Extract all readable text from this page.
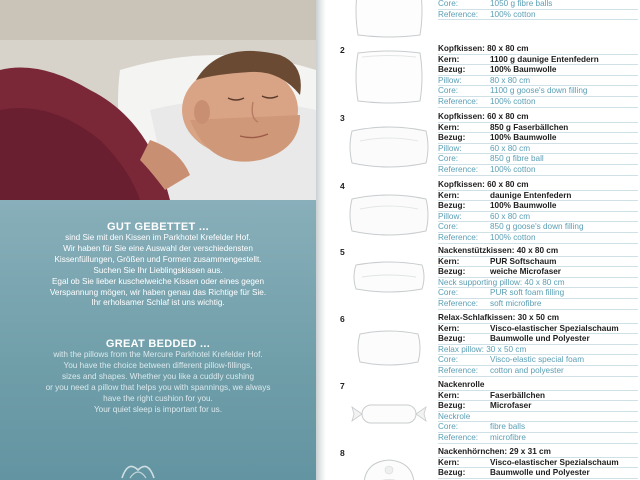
GUT GEBETTET ...
sind Sie mit den Kissen im Parkhotel Krefelder Hof.
Wir haben für Sie eine Auswahl der verschiedensten
Kissenfüllungen, Größen und Formen zusammengestellt.
Suchen Sie Ihr Lieblingskissen aus.
Egal ob Sie lieber kuschelweiche Kissen oder eines gegen
Verspannung mögen, wir haben genau das Richtige für Sie.
Ihr erholsamer Schlaf ist uns wichtig.
GREAT BEDDED ...
with the pillows from the Mercure Parkhotel Krefelder Hof.
You have the choice between different pillow-fillings,
sizes and shapes. Whether you like a cuddly cushing
or you need a pillow that helps you with spannings, we always
have the right cushion for you.
Your quiet sleep is important for us.
Core:	1050 g fibre balls
Reference: 100% cotton
2	Kopfkissen: 80 x 80 cm
Kern:	1100 g daunige Entenfedern
Bezug:	100% Baumwolle
Pillow:	80 x 80 cm
Core:	1100 g goose's down filling
Reference: 100% cotton
3	Kopfkissen: 60 x 80 cm
Kern:	850 g Faserbällchen
Bezug:	100% Baumwolle
Pillow:	60 x 80 cm
Core:	850 g fibre ball
Reference: 100% cotton
4	Kopfkissen: 60 x 80 cm
Kern:	daunige Entenfedern
Bezug:	100% Baumwolle
Pillow:	60 x 80 cm
Core:	850 g goose's down filling
Reference: 100% cotton
5	Nackenstützkissen: 40 x 80 cm
Kern:	PUR Softschaum
Bezug:	weiche Microfaser
Neck supporting pillow: 40 x 80 cm
Core:	PUR soft foam filling
Reference: soft microfibre
6	Relax-Schlafkissen: 30 x 50 cm
Kern:	Visco-elastischer Spezialschaum
Bezug:	Baumwolle und Polyester
Relax pillow: 30 x 50 cm
Core:	Visco-elastic special foam
Reference: cotton and polyester
7	Nackenrolle
Kern:	Faserbällchen
Bezug:	Microfaser
Neckrole
Core:	fibre balls
Reference: microfibre
8	Nackenhörnchen: 29 x 31 cm
Kern:	Visco-elastischer Spezialschaum
Bezug:	Baumwolle und Polyester
